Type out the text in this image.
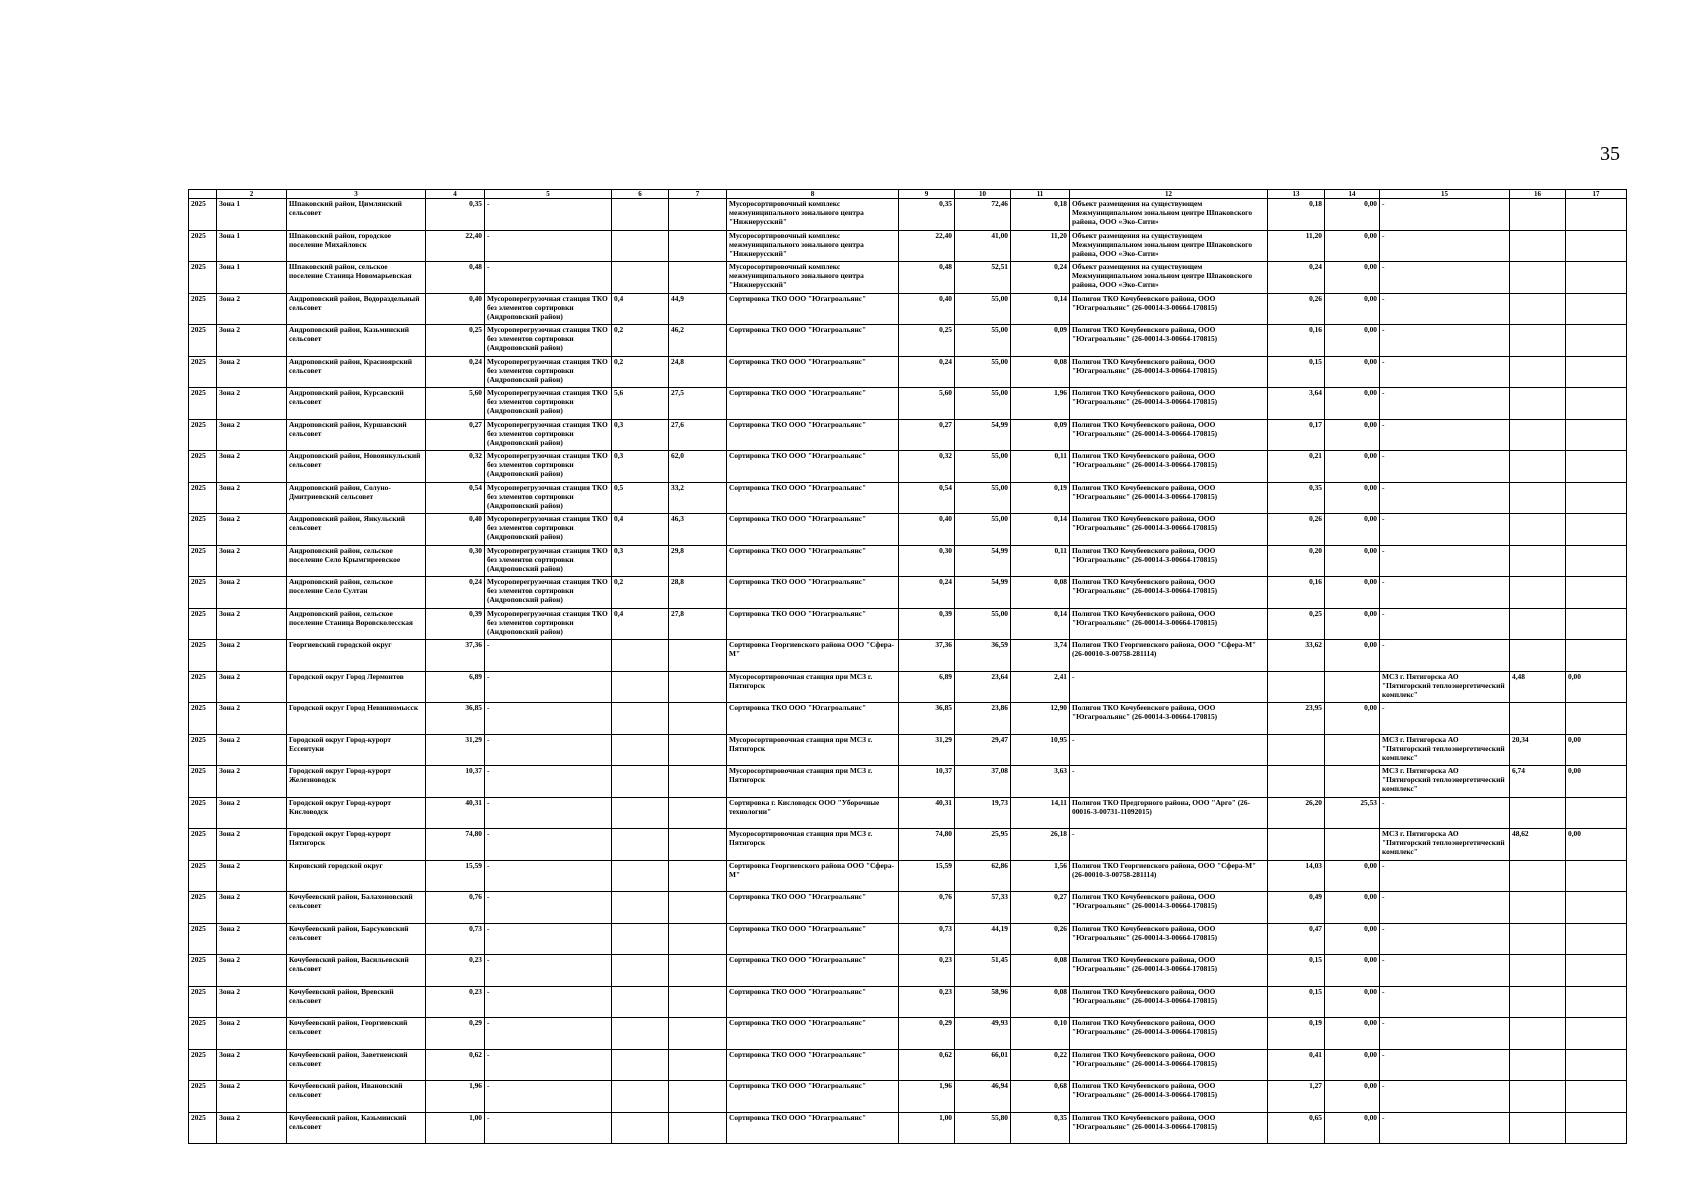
35
	2	3	4	5	6	7	8	9	10	11	12	13	14	15	16	17

2025	Зона 1	Шпаковский район, Цимлянский сельсовет	0,35	-			Мусоросортировочный комплекс межмуниципального зонального центра "Нижнерусский"	0,35	72,46	0,18	Объект размещения на существующем Межмуниципальном зональном центре Шпаковского района, ООО «Эко-Сити»	0,18	0,00	-		

2025	Зона 1	Шпаковский район, городское поселение Михайловск	22,40	-			Мусоросортировочный комплекс межмуниципального зонального центра "Нижнерусский"	22,40	41,00	11,20	Объект размещения на существующем Межмуниципальном зональном центре Шпаковского района, ООО «Эко-Сити»	11,20	0,00	-		

2025	Зона 1	Шпаковский район, сельское поселение Станица Новомарьевская	0,48	-			Мусоросортировочный комплекс межмуниципального зонального центра "Нижнерусский"	0,48	52,51	0,24	Объект размещения на существующем Межмуниципальном зональном центре Шпаковского района, ООО «Эко-Сити»	0,24	0,00	-		

2025	Зона 2	Андроповский район, Водораздельный сельсовет	0,40	Мусороперегрузочная станция ТКО без элементов сортировки (Андроповский район)	0,4	44,9	Сортировка ТКО ООО "Югагроальянс"	0,40	55,00	0,14	Полигон ТКО Кочубеевского района, ООО "Югагроальянс" (26-00014-З-00664-170815)	0,26	0,00	-		

2025	Зона 2	Андроповский район, Казьминский сельсовет	0,25	Мусороперегрузочная станция ТКО без элементов сортировки (Андроповский район)	0,2	46,2	Сортировка ТКО ООО "Югагроальянс"	0,25	55,00	0,09	Полигон ТКО Кочубеевского района, ООО "Югагроальянс" (26-00014-З-00664-170815)	0,16	0,00	-		

2025	Зона 2	Андроповский район, Красноярский сельсовет	0,24	Мусороперегрузочная станция ТКО без элементов сортировки (Андроповский район)	0,2	24,8	Сортировка ТКО ООО "Югагроальянс"	0,24	55,00	0,08	Полигон ТКО Кочубеевского района, ООО "Югагроальянс" (26-00014-З-00664-170815)	0,15	0,00	-		

2025	Зона 2	Андроповский район, Курсавский сельсовет	5,60	Мусороперегрузочная станция ТКО без элементов сортировки (Андроповский район)	5,6	27,5	Сортировка ТКО ООО "Югагроальянс"	5,60	55,00	1,96	Полигон ТКО Кочубеевского района, ООО "Югагроальянс" (26-00014-З-00664-170815)	3,64	0,00	-		

2025	Зона 2	Андроповский район, Куршавский сельсовет	0,27	Мусороперегрузочная станция ТКО без элементов сортировки (Андроповский район)	0,3	27,6	Сортировка ТКО ООО "Югагроальянс"	0,27	54,99	0,09	Полигон ТКО Кочубеевского района, ООО "Югагроальянс" (26-00014-З-00664-170815)	0,17	0,00	-		

2025	Зона 2	Андроповский район, Новоянкульский сельсовет	0,32	Мусороперегрузочная станция ТКО без элементов сортировки (Андроповский район)	0,3	62,0	Сортировка ТКО ООО "Югагроальянс"	0,32	55,00	0,11	Полигон ТКО Кочубеевского района, ООО "Югагроальянс" (26-00014-З-00664-170815)	0,21	0,00	-		

2025	Зона 2	Андроповский район, Солуно-Дмитриевский сельсовет	0,54	Мусороперегрузочная станция ТКО без элементов сортировки (Андроповский район)	0,5	33,2	Сортировка ТКО ООО "Югагроальянс"	0,54	55,00	0,19	Полигон ТКО Кочубеевского района, ООО "Югагроальянс" (26-00014-З-00664-170815)	0,35	0,00	-		

2025	Зона 2	Андроповский район, Янкульский сельсовет	0,40	Мусороперегрузочная станция ТКО без элементов сортировки (Андроповский район)	0,4	46,3	Сортировка ТКО ООО "Югагроальянс"	0,40	55,00	0,14	Полигон ТКО Кочубеевского района, ООО "Югагроальянс" (26-00014-З-00664-170815)	0,26	0,00	-		

2025	Зона 2	Андроповский район, сельское поселение Село Крымгиреевское	0,30	Мусороперегрузочная станция ТКО без элементов сортировки (Андроповский район)	0,3	29,8	Сортировка ТКО ООО "Югагроальянс"	0,30	54,99	0,11	Полигон ТКО Кочубеевского района, ООО "Югагроальянс" (26-00014-З-00664-170815)	0,20	0,00	-		

2025	Зона 2	Андроповский район, сельское поселение Село Султан	0,24	Мусороперегрузочная станция ТКО без элементов сортировки (Андроповский район)	0,2	28,8	Сортировка ТКО ООО "Югагроальянс"	0,24	54,99	0,08	Полигон ТКО Кочубеевского района, ООО "Югагроальянс" (26-00014-З-00664-170815)	0,16	0,00	-		

2025	Зона 2	Андроповский район, сельское поселение Станица Воровсколесская	0,39	Мусороперегрузочная станция ТКО без элементов сортировки (Андроповский район)	0,4	27,8	Сортировка ТКО ООО "Югагроальянс"	0,39	55,00	0,14	Полигон ТКО Кочубеевского района, ООО "Югагроальянс" (26-00014-З-00664-170815)	0,25	0,00	-		

2025	Зона 2	Георгиевский городской округ	37,36	-			Сортировка Георгиевского района ООО "Сфера-М"	37,36	36,59	3,74	Полигон ТКО Георгиевского района, ООО "Сфера-М" (26-00010-З-00758-281114)	33,62	0,00	-		

2025	Зона 2	Городской округ Город Лермонтов	6,89	-			Мусоросортировочная станция при МСЗ г. Пятигорск	6,89	23,64	2,41	-			МСЗ г. Пятигорска АО "Пятигорский теплоэнергетический комплекс"	4,48	0,00

2025	Зона 2	Городской округ Город Невинномысск	36,85	-			Сортировка ТКО ООО "Югагроальянс"	36,85	23,86	12,90	Полигон ТКО Кочубеевского района, ООО "Югагроальянс" (26-00014-З-00664-170815)	23,95	0,00	-		

2025	Зона 2	Городской округ Город-курорт Ессентуки	31,29	-			Мусоросортировочная станция при МСЗ г. Пятигорск	31,29	29,47	10,95	-			МСЗ г. Пятигорска АО "Пятигорский теплоэнергетический комплекс"	20,34	0,00

2025	Зона 2	Городской округ Город-курорт Железноводск	10,37	-			Мусоросортировочная станция при МСЗ г. Пятигорск	10,37	37,08	3,63	-			МСЗ г. Пятигорска АО "Пятигорский теплоэнергетический комплекс"	6,74	0,00

2025	Зона 2	Городской округ Город-курорт Кисловодск	40,31	-			Сортировка г. Кисловодск ООО "Уборочные технологии"	40,31	19,73	14,11	Полигон ТКО Предгорного района, ООО "Арго" (26-00016-З-00731-11092015)	26,20	25,53	-		

2025	Зона 2	Городской округ Город-курорт Пятигорск	74,80	-			Мусоросортировочная станция при МСЗ г. Пятигорск	74,80	25,95	26,18	-			МСЗ г. Пятигорска АО "Пятигорский теплоэнергетический комплекс"	48,62	0,00

2025	Зона 2	Кировский городской округ	15,59	-			Сортировка Георгиевского района ООО "Сфера-М"	15,59	62,86	1,56	Полигон ТКО Георгиевского района, ООО "Сфера-М" (26-00010-З-00758-281114)	14,03	0,00	-		

2025	Зона 2	Кочубеевский район, Балахоновский сельсовет	0,76	-			Сортировка ТКО ООО "Югагроальянс"	0,76	57,33	0,27	Полигон ТКО Кочубеевского района, ООО "Югагроальянс" (26-00014-З-00664-170815)	0,49	0,00	-		

2025	Зона 2	Кочубеевский район, Барсуковский сельсовет	0,73	-			Сортировка ТКО ООО "Югагроальянс"	0,73	44,19	0,26	Полигон ТКО Кочубеевского района, ООО "Югагроальянс" (26-00014-З-00664-170815)	0,47	0,00	-		

2025	Зона 2	Кочубеевский район, Васильевский сельсовет	0,23	-			Сортировка ТКО ООО "Югагроальянс"	0,23	51,45	0,08	Полигон ТКО Кочубеевского района, ООО "Югагроальянс" (26-00014-З-00664-170815)	0,15	0,00	-		

2025	Зона 2	Кочубеевский район, Вревский сельсовет	0,23	-			Сортировка ТКО ООО "Югагроальянс"	0,23	58,96	0,08	Полигон ТКО Кочубеевского района, ООО "Югагроальянс" (26-00014-З-00664-170815)	0,15	0,00	-		

2025	Зона 2	Кочубеевский район, Георгиевский сельсовет	0,29	-			Сортировка ТКО ООО "Югагроальянс"	0,29	49,93	0,10	Полигон ТКО Кочубеевского района, ООО "Югагроальянс" (26-00014-З-00664-170815)	0,19	0,00	-		

2025	Зона 2	Кочубеевский район, Заветненский сельсовет	0,62	-			Сортировка ТКО ООО "Югагроальянс"	0,62	66,01	0,22	Полигон ТКО Кочубеевского района, ООО "Югагроальянс" (26-00014-З-00664-170815)	0,41	0,00	-		

2025	Зона 2	Кочубеевский район, Ивановский сельсовет	1,96	-			Сортировка ТКО ООО "Югагроальянс"	1,96	46,94	0,68	Полигон ТКО Кочубеевского района, ООО "Югагроальянс" (26-00014-З-00664-170815)	1,27	0,00	-		

2025	Зона 2	Кочубеевский район, Казьминский сельсовет	1,00	-			Сортировка ТКО ООО "Югагроальянс"	1,00	55,80	0,35	Полигон ТКО Кочубеевского района, ООО "Югагроальянс" (26-00014-З-00664-170815)	0,65	0,00	-		
